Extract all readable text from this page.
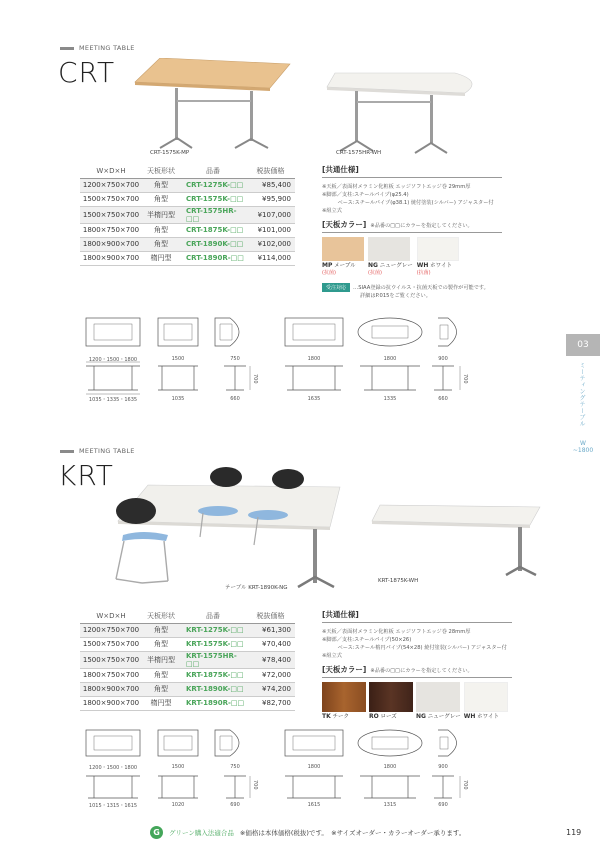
MEETING TABLE
CRT
CRT-1575K-MP	CRT-1575HR-WH
W×D×H	天板形状	品番	税抜価格
1200×750×700	角型	CRT-1275K-□□	¥85,400
1500×750×700	角型	CRT-1575K-□□	¥95,900
1500×750×700	半楕円型	CRT-1575HR-□□	¥107,000
1800×750×700	角型	CRT-1875K-□□	¥101,000
1800×900×700	角型	CRT-1890K-□□	¥102,000
1800×900×700	楕円型	CRT-1890R-□□	¥114,000
[共通仕様]
※天板／表面材メラミン化粧板 エッジソフトエッジ巻 29mm厚
※脚部／支柱:スチールパイプ(φ25.4)
　　　ベース:スチールパイプ(φ38.1) 焼付塗装(シルバー) アジャスター付
※組立式
[天板カラー] ※品番の□□にカラーを指定してください。
MP メープル
(抗菌)
NG ニューグレー
(抗菌)
WH ホワイト
(抗菌)
受注対応	…SIAA登録の抗ウイルス・抗菌天板での製作が可能です。
詳細はP.015をご覧ください。
1200・1500・1800	1500	750	1800	1800	900
700	700
1035・1335・1635	1035	660	1635	1335	660
03
ミーティングテーブル
W
~1800
MEETING TABLE
KRT
テーブル KRT-1890K-NG
KRT-1875K-WH
W×D×H	天板形状	品番	税抜価格
1200×750×700	角型	KRT-1275K-□□	¥61,300
1500×750×700	角型	KRT-1575K-□□	¥70,400
1500×750×700	半楕円型	KRT-1575HR-□□	¥78,400
1800×750×700	角型	KRT-1875K-□□	¥72,000
1800×900×700	角型	KRT-1890K-□□	¥74,200
1800×900×700	楕円型	KRT-1890R-□□	¥82,700
[共通仕様]
※天板／表面材メラミン化粧板 エッジソフトエッジ巻 28mm厚
※脚部／支柱:スチールパイプ(50×26)
　　　ベース:スチール楕円パイプ(54×28) 焼付塗装(シルバー) アジャスター付
※組立式
[天板カラー] ※品番の□□にカラーを指定してください。
TK チーク	RO ローズ	NG ニューグレー WH ホワイト
1200・1500・1800	1500	750	1800	1800	900
700	700
1015・1315・1615	1020	690	1615	1315	690
G	グリーン購入法適合品 ※価格は本体価格(税抜)です。　※サイズオーダー・カラーオーダー承ります。	119
